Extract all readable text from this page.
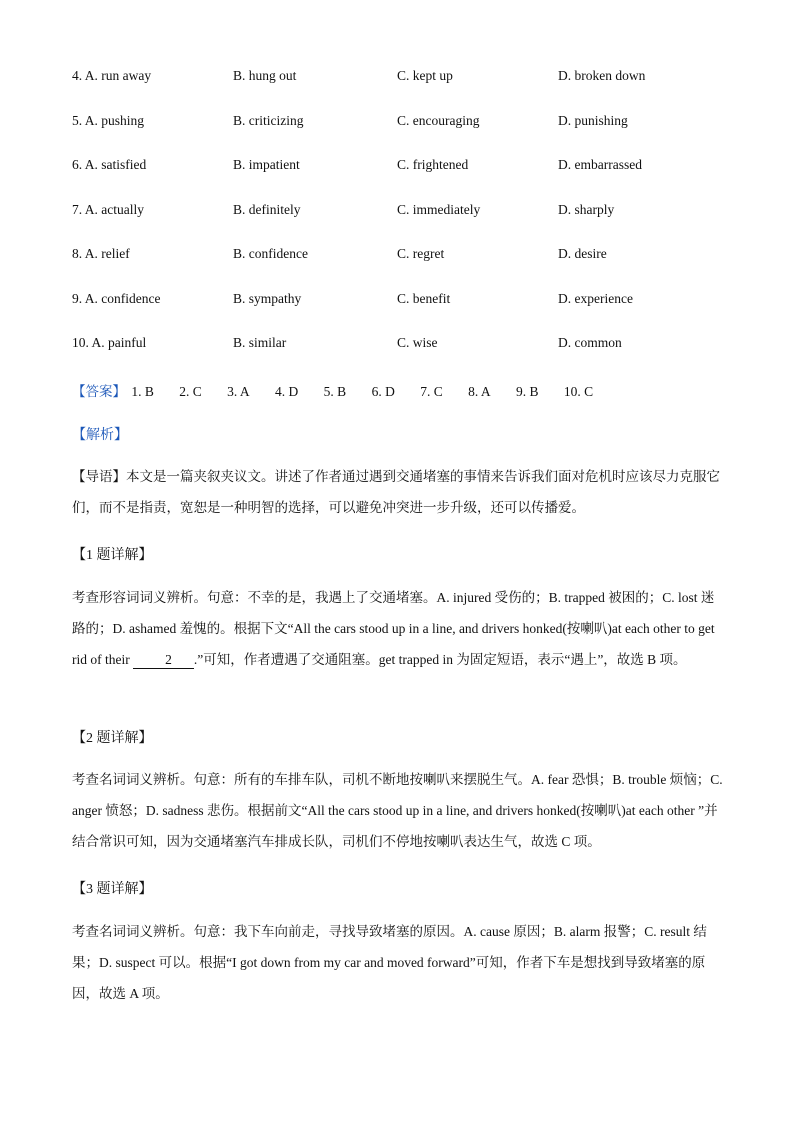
4. A. run away	B. hung out	C. kept up	D. broken down
5. A. pushing	B. criticizing	C. encouraging	D. punishing
6. A. satisfied	B. impatient	C. frightened	D. embarrassed
7. A. actually	B. definitely	C. immediately	D. sharply
8. A. relief	B. confidence	C. regret	D. desire
9. A. confidence	B. sympathy	C. benefit	D. experience
10. A. painful	B. similar	C. wise	D. common
【答案】 1. B 2. C 3. A 4. D 5. B 6. D 7. C 8. A 9. B 10. C
【解析】
【导语】本文是一篇夹叙夹议文。讲述了作者通过遇到交通堵塞的事情来告诉我们面对危机时应该尽力克服它们，而不是指责，宽恕是一种明智的选择，可以避免冲突进一步升级，还可以传播爱。
【1 题详解】
考查形容词词义辨析。句意：不幸的是，我遇上了交通堵塞。A. injured 受伤的；B. trapped 被困的；C. lost 迷路的；D. ashamed 羞愧的。根据下文“All the cars stood up in a line, and drivers honked(按喇叭)at each other to get rid of their 2 .”可知，作者遭遇了交通阻塞。get trapped in 为固定短语，表示“遇上”，故选 B 项。
【2 题详解】
考查名词词义辨析。句意：所有的车排车队，司机不断地按喇叭来摆脱生气。A. fear 恐惧；B. trouble 烦恼；C. anger 愤怒；D. sadness 悲伤。根据前文“All the cars stood up in a line, and drivers honked(按喇叭)at each other ”并结合常识可知，因为交通堵塞汽车排成长队，司机们不停地按喇叭表达生气，故选 C 项。
【3 题详解】
考查名词词义辨析。句意：我下车向前走，寻找导致堵塞的原因。A. cause 原因；B. alarm 报警；C. result 结果；D. suspect 可以。根据“I got down from my car and moved forward”可知，作者下车是想找到导致堵塞的原因，故选 A 项。
